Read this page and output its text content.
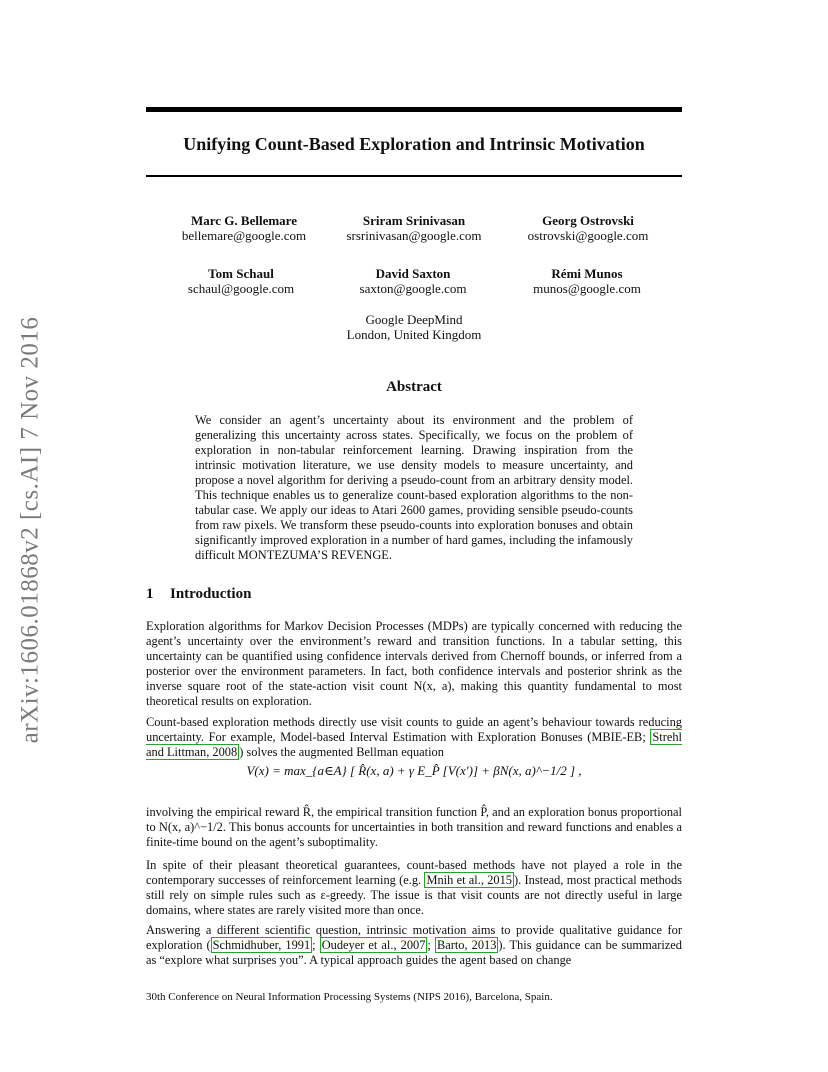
arXiv:1606.01868v2 [cs.AI] 7 Nov 2016
Unifying Count-Based Exploration and Intrinsic Motivation
Marc G. Bellemare
bellemare@google.com
Sriram Srinivasan
srsrinivasan@google.com
Georg Ostrovski
ostrovski@google.com
Tom Schaul
schaul@google.com
David Saxton
saxton@google.com
Rémi Munos
munos@google.com
Google DeepMind
London, United Kingdom
Abstract
We consider an agent’s uncertainty about its environment and the problem of generalizing this uncertainty across states. Specifically, we focus on the problem of exploration in non-tabular reinforcement learning. Drawing inspiration from the intrinsic motivation literature, we use density models to measure uncertainty, and propose a novel algorithm for deriving a pseudo-count from an arbitrary density model. This technique enables us to generalize count-based exploration algorithms to the non-tabular case. We apply our ideas to Atari 2600 games, providing sensible pseudo-counts from raw pixels. We transform these pseudo-counts into exploration bonuses and obtain significantly improved exploration in a number of hard games, including the infamously difficult MONTEZUMA’S REVENGE.
1 Introduction
Exploration algorithms for Markov Decision Processes (MDPs) are typically concerned with reducing the agent’s uncertainty over the environment’s reward and transition functions. In a tabular setting, this uncertainty can be quantified using confidence intervals derived from Chernoff bounds, or inferred from a posterior over the environment parameters. In fact, both confidence intervals and posterior shrink as the inverse square root of the state-action visit count N(x, a), making this quantity fundamental to most theoretical results on exploration.
Count-based exploration methods directly use visit counts to guide an agent’s behaviour towards reducing uncertainty. For example, Model-based Interval Estimation with Exploration Bonuses (MBIE-EB; Strehl and Littman, 2008 ) solves the augmented Bellman equation
V(x) = max_{a∈A} [ R̂(x, a) + γ E_P̂ [V(x′)] + βN(x, a)^−1/2 ] ,
involving the empirical reward R̂, the empirical transition function P̂, and an exploration bonus proportional to N(x, a)^−1/2. This bonus accounts for uncertainties in both transition and reward functions and enables a finite-time bound on the agent’s suboptimality.
In spite of their pleasant theoretical guarantees, count-based methods have not played a role in the contemporary successes of reinforcement learning (e.g. Mnih et al., 2015 ). Instead, most practical methods still rely on simple rules such as ε-greedy. The issue is that visit counts are not directly useful in large domains, where states are rarely visited more than once.
Answering a different scientific question, intrinsic motivation aims to provide qualitative guidance for exploration ( Schmidhuber, 1991 ; Oudeyer et al., 2007 ; Barto, 2013 ). This guidance can be summarized as “explore what surprises you”. A typical approach guides the agent based on change
30th Conference on Neural Information Processing Systems (NIPS 2016), Barcelona, Spain.
